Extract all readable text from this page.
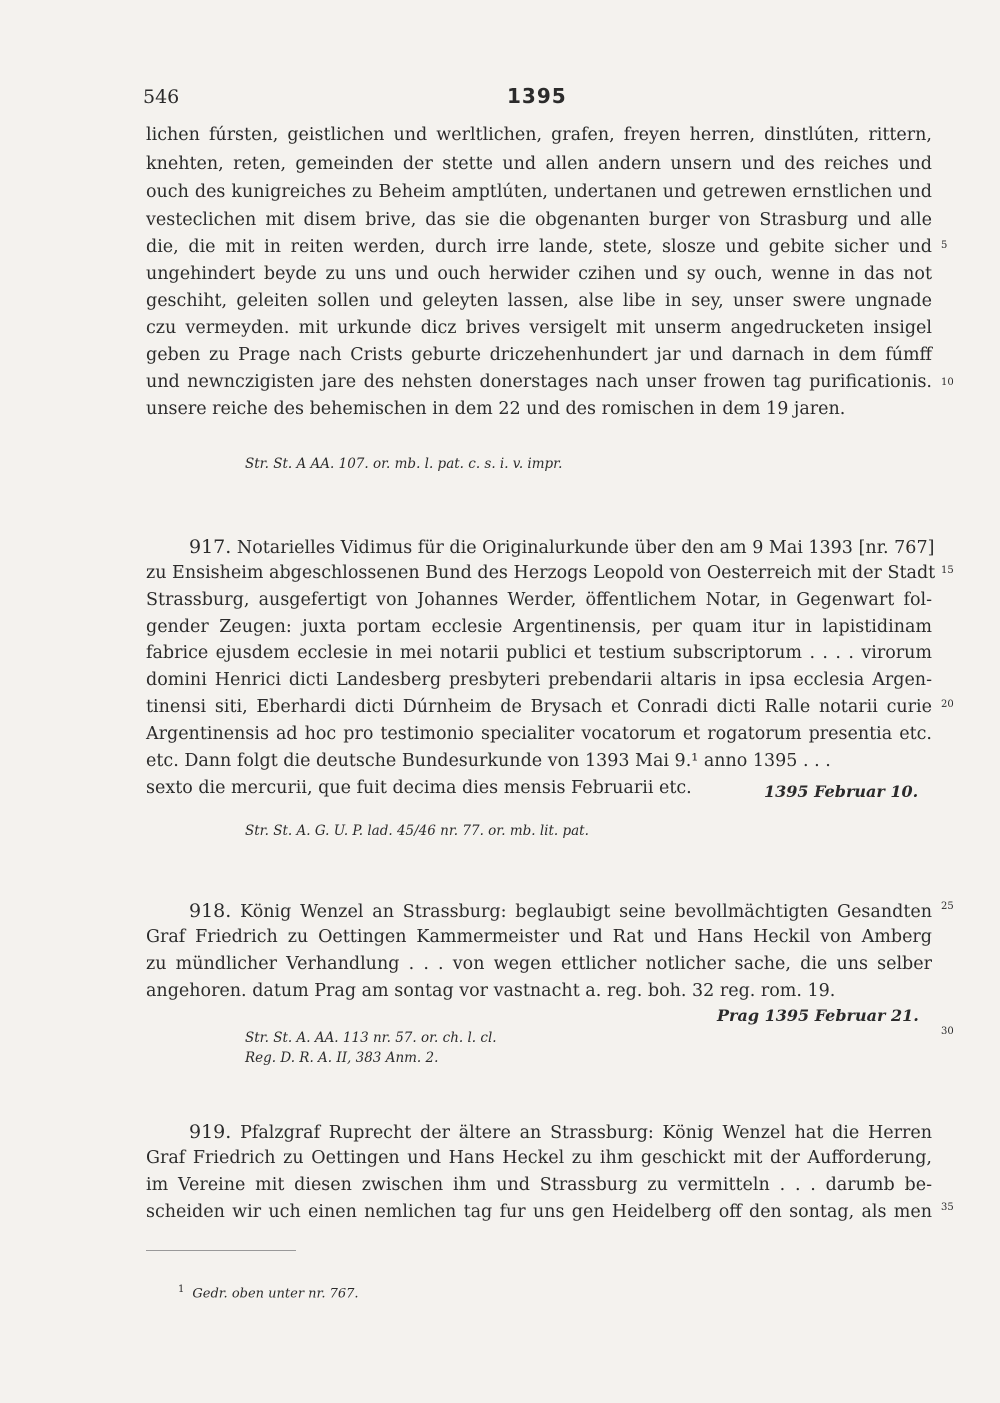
546	1395
lichen fúrsten, geistlichen und werltlichen, grafen, freyen herren, dinstlúten, rittern,
knehten, reten, gemeinden der stette und allen andern unsern und des reiches und
ouch des kunigreiches zu Beheim amptlúten, undertanen und getrewen ernstlichen und
vesteclichen mit disem brive, das sie die obgenanten burger von Strasburg und alle
die, die mit in reiten werden, durch irre lande, stete, slosze und gebite sicher und
ungehindert beyde zu uns und ouch herwider czihen und sy ouch, wenne in das not
geschiht, geleiten sollen und geleyten lassen, alse libe in sey, unser swere ungnade
czu vermeyden. mit urkunde dicz brives versigelt mit unserm angedrucketen insigel
geben zu Prage nach Crists geburte driczehenhundert jar und darnach in dem fúmff
und newnczigisten jare des nehsten donerstages nach unser frowen tag purificationis.
unsere reiche des behemischen in dem 22 und des romischen in dem 19 jaren.
Str. St. A AA. 107. or. mb. l. pat. c. s. i. v. impr.
917. Notarielles Vidimus für die Originalurkunde über den am 9 Mai 1393 [nr. 767]
zu Ensisheim abgeschlossenen Bund des Herzogs Leopold von Oesterreich mit der Stadt
Strassburg, ausgefertigt von Johannes Werder, öffentlichem Notar, in Gegenwart fol-
gender Zeugen: juxta portam ecclesie Argentinensis, per quam itur in lapistidinam
fabrice ejusdem ecclesie in mei notarii publici et testium subscriptorum . . . . virorum
domini Henrici dicti Landesberg presbyteri prebendarii altaris in ipsa ecclesia Argen-
tinensi siti, Eberhardi dicti Dúrnheim de Brysach et Conradi dicti Ralle notarii curie
Argentinensis ad hoc pro testimonio specialiter vocatorum et rogatorum presentia etc.
etc. Dann folgt die deutsche Bundesurkunde von 1393 Mai 9.¹ anno 1395 . . .
sexto die mercurii, que fuit decima dies mensis Februarii etc.	1395 Februar 10.
Str. St. A. G. U. P. lad. 45/46 nr. 77. or. mb. lit. pat.
918. König Wenzel an Strassburg: beglaubigt seine bevollmächtigten Gesandten
Graf Friedrich zu Oettingen Kammermeister und Rat und Hans Heckil von Amberg
zu mündlicher Verhandlung . . . von wegen ettlicher notlicher sache, die uns selber
angehoren. datum Prag am sontag vor vastnacht a. reg. boh. 32 reg. rom. 19.
Prag 1395 Februar 21.
Str. St. A. AA. 113 nr. 57. or. ch. l. cl.
Reg. D. R. A. II, 383 Anm. 2.
919. Pfalzgraf Ruprecht der ältere an Strassburg: König Wenzel hat die Herren
Graf Friedrich zu Oettingen und Hans Heckel zu ihm geschickt mit der Aufforderung,
im Vereine mit diesen zwischen ihm und Strassburg zu vermitteln . . . darumb be-
scheiden wir uch einen nemlichen tag fur uns gen Heidelberg off den sontag, als men
5
10
15
20
25
30
35
$^1$ Gedr. oben unter nr. 767.
